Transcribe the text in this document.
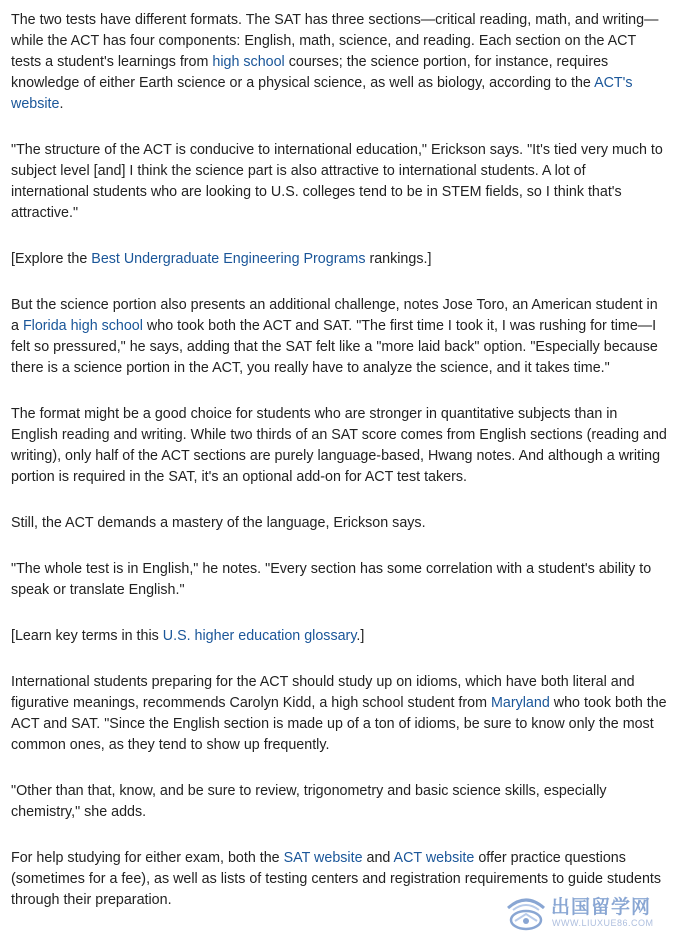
The two tests have different formats. The SAT has three sections—critical reading, math, and writing—while the ACT has four components: English, math, science, and reading. Each section on the ACT tests a student's learnings from high school courses; the science portion, for instance, requires knowledge of either Earth science or a physical science, as well as biology, according to the ACT's website.

"The structure of the ACT is conducive to international education," Erickson says. "It's tied very much to subject level [and] I think the science part is also attractive to international students. A lot of international students who are looking to U.S. colleges tend to be in STEM fields, so I think that's attractive."

[Explore the Best Undergraduate Engineering Programs rankings.]

But the science portion also presents an additional challenge, notes Jose Toro, an American student in a Florida high school who took both the ACT and SAT. "The first time I took it, I was rushing for time—I felt so pressured," he says, adding that the SAT felt like a "more laid back" option. "Especially because there is a science portion in the ACT, you really have to analyze the science, and it takes time."

The format might be a good choice for students who are stronger in quantitative subjects than in English reading and writing. While two thirds of an SAT score comes from English sections (reading and writing), only half of the ACT sections are purely language-based, Hwang notes. And although a writing portion is required in the SAT, it's an optional add-on for ACT test takers.

Still, the ACT demands a mastery of the language, Erickson says.

"The whole test is in English," he notes. "Every section has some correlation with a student's ability to speak or translate English."

[Learn key terms in this U.S. higher education glossary.]

International students preparing for the ACT should study up on idioms, which have both literal and figurative meanings, recommends Carolyn Kidd, a high school student from Maryland who took both the ACT and SAT. "Since the English section is made up of a ton of idioms, be sure to know only the most common ones, as they tend to show up frequently.

"Other than that, know, and be sure to review, trigonometry and basic science skills, especially chemistry," she adds.

For help studying for either exam, both the SAT website and ACT website offer practice questions (sometimes for a fee), as well as lists of testing centers and registration requirements to guide students through their preparation.	出国留学网
WWW.LIUXUE86.COM
